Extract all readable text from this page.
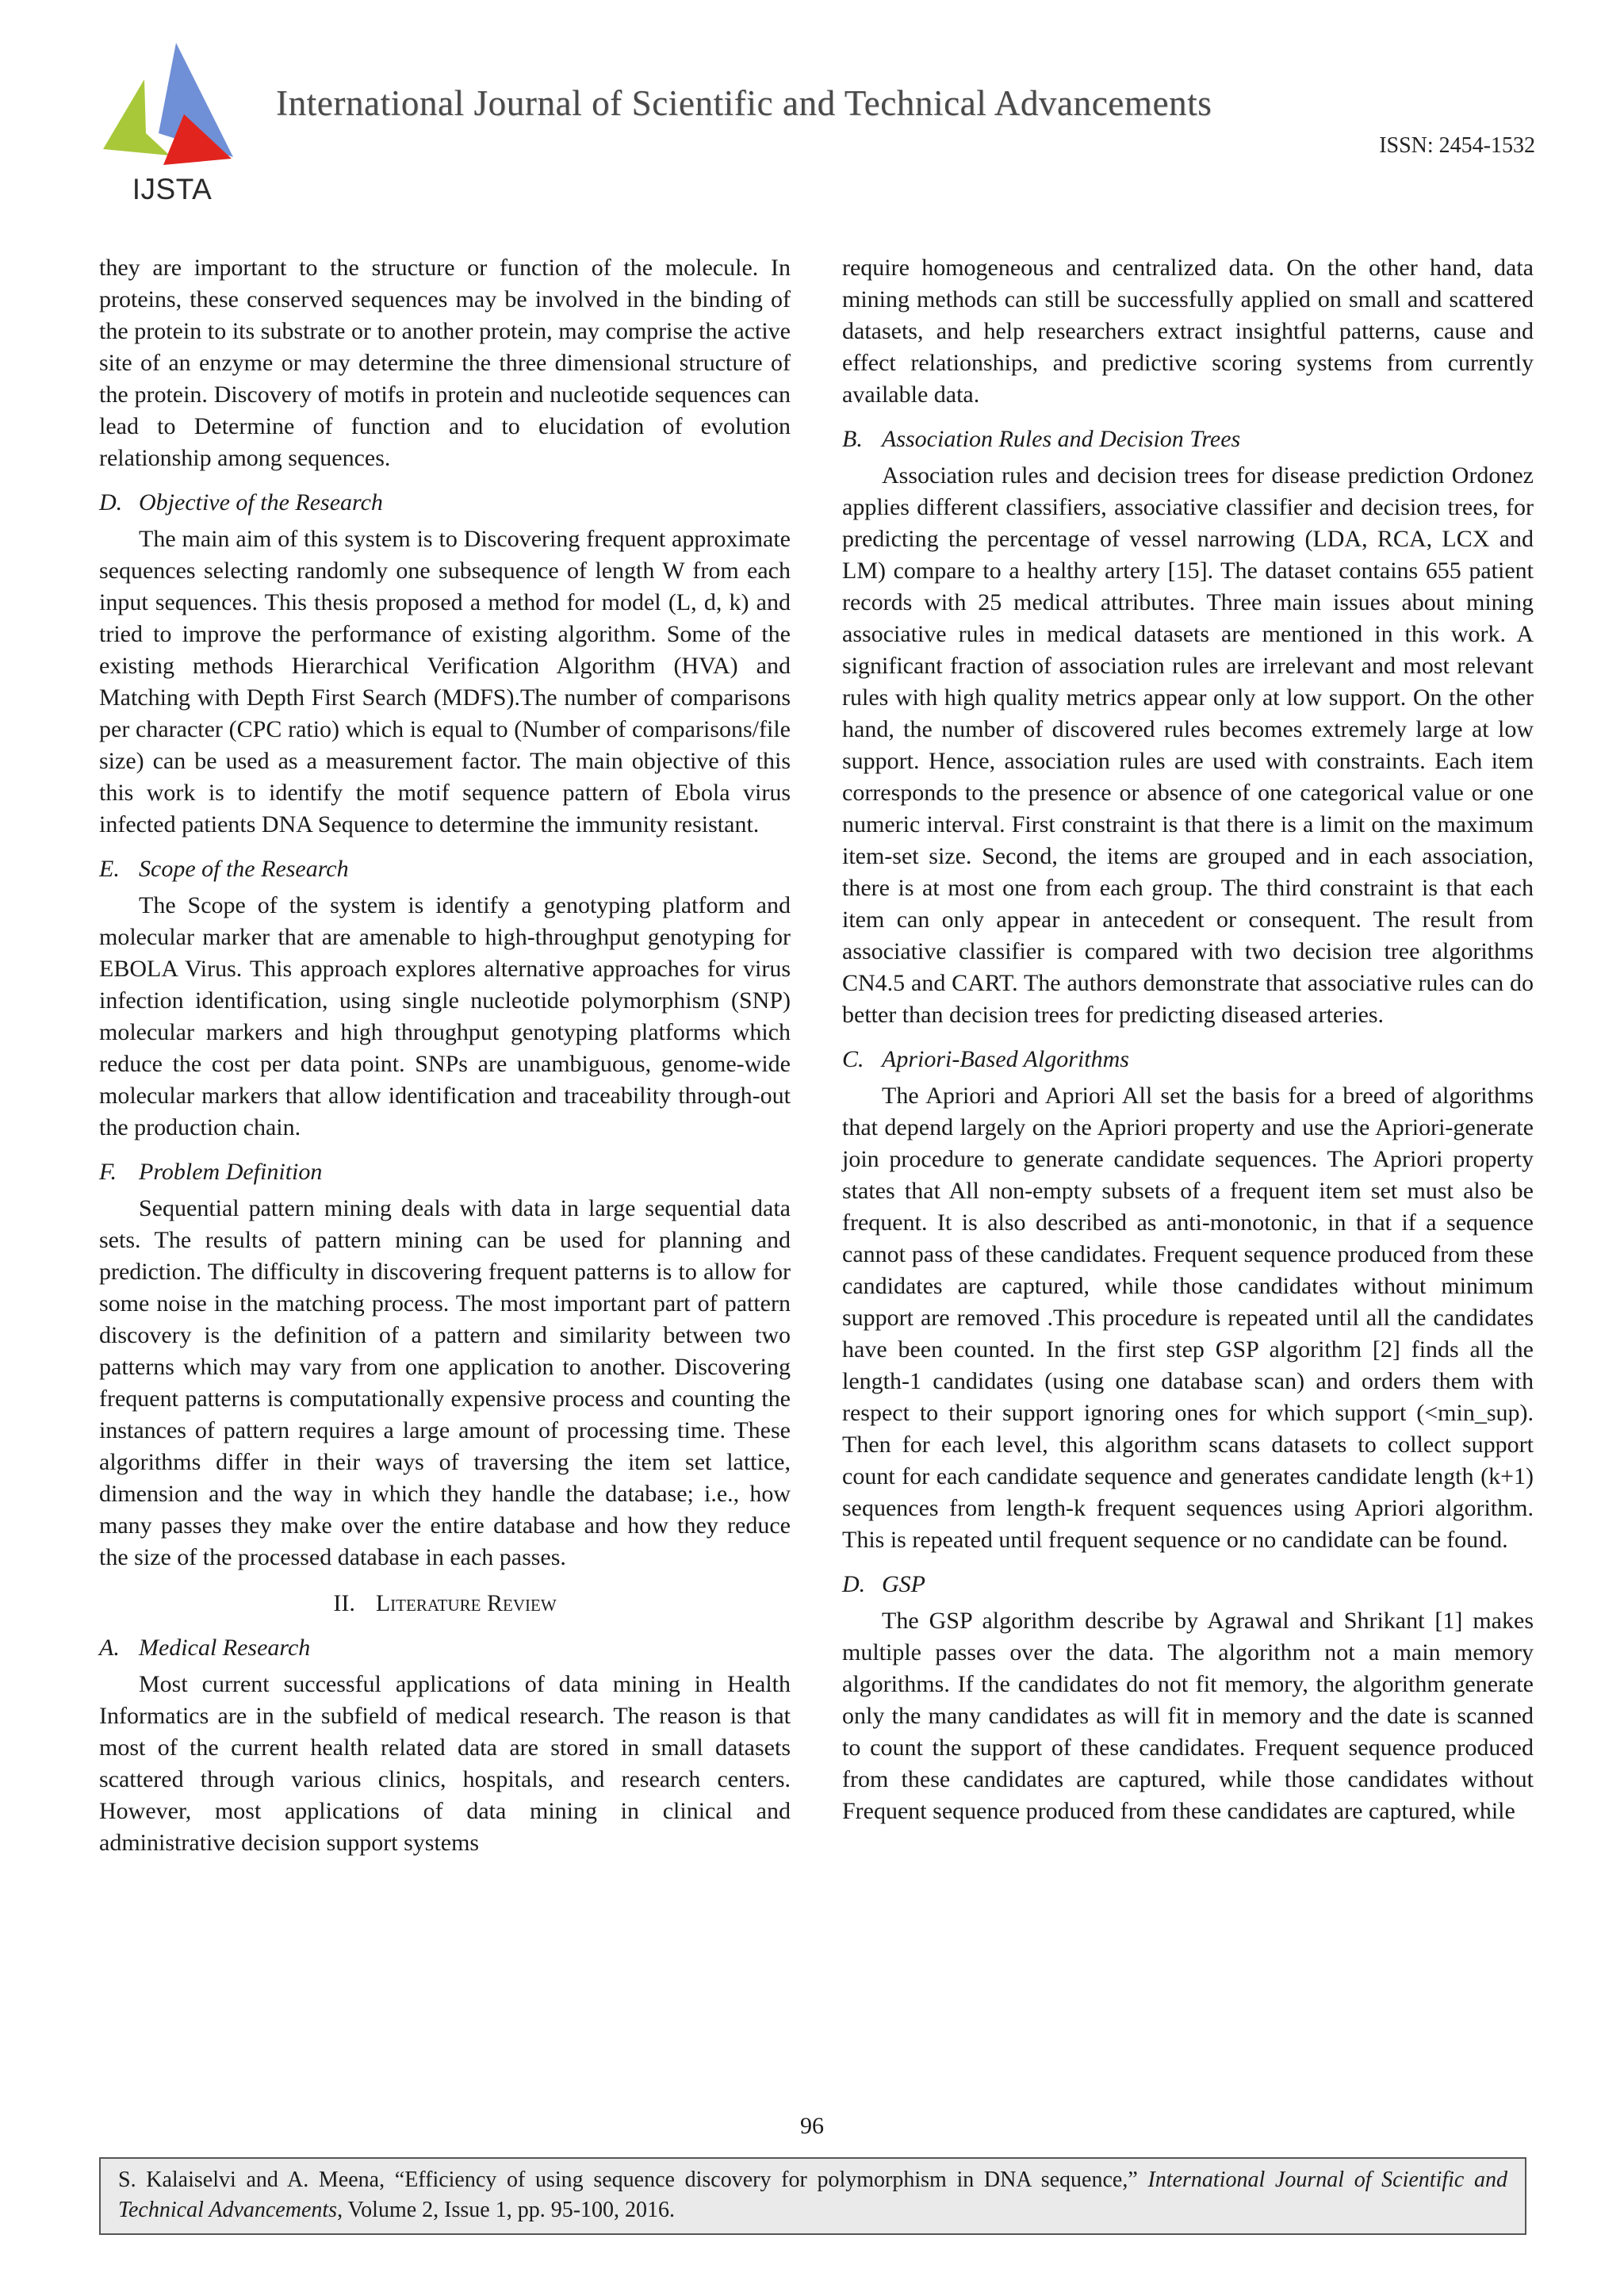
IJSTA
International Journal of Scientific and Technical Advancements
ISSN: 2454-1532

they are important to the structure or function of the molecule. In proteins, these conserved sequences may be involved in the binding of the protein to its substrate or to another protein, may comprise the active site of an enzyme or may determine the three dimensional structure of the protein. Discovery of motifs in protein and nucleotide sequences can lead to Determine of function and to elucidation of evolution relationship among sequences.

D. Objective of the Research

The main aim of this system is to Discovering frequent approximate sequences selecting randomly one subsequence of length W from each input sequences. This thesis proposed a method for model (L, d, k) and tried to improve the performance of existing algorithm. Some of the existing methods Hierarchical Verification Algorithm (HVA) and Matching with Depth First Search (MDFS).The number of comparisons per character (CPC ratio) which is equal to (Number of comparisons/file size) can be used as a measurement factor. The main objective of this this work is to identify the motif sequence pattern of Ebola virus infected patients DNA Sequence to determine the immunity resistant.

E. Scope of the Research

The Scope of the system is identify a genotyping platform and molecular marker that are amenable to high-throughput genotyping for EBOLA Virus. This approach explores alternative approaches for virus infection identification, using single nucleotide polymorphism (SNP) molecular markers and high throughput genotyping platforms which reduce the cost per data point. SNPs are unambiguous, genome-wide molecular markers that allow identification and traceability through-out the production chain.

F. Problem Definition

Sequential pattern mining deals with data in large sequential data sets. The results of pattern mining can be used for planning and prediction. The difficulty in discovering frequent patterns is to allow for some noise in the matching process. The most important part of pattern discovery is the definition of a pattern and similarity between two patterns which may vary from one application to another. Discovering frequent patterns is computationally expensive process and counting the instances of pattern requires a large amount of processing time. These algorithms differ in their ways of traversing the item set lattice, dimension and the way in which they handle the database; i.e., how many passes they make over the entire database and how they reduce the size of the processed database in each passes.

II. Literature Review
A. Medical Research

Most current successful applications of data mining in Health Informatics are in the subfield of medical research. The reason is that most of the current health related data are stored in small datasets scattered through various clinics, hospitals, and research centers. However, most applications of data mining in clinical and administrative decision support systems

require homogeneous and centralized data. On the other hand, data mining methods can still be successfully applied on small and scattered datasets, and help researchers extract insightful patterns, cause and effect relationships, and predictive scoring systems from currently available data.

B. Association Rules and Decision Trees

Association rules and decision trees for disease prediction Ordonez applies different classifiers, associative classifier and decision trees, for predicting the percentage of vessel narrowing (LDA, RCA, LCX and LM) compare to a healthy artery [15]. The dataset contains 655 patient records with 25 medical attributes. Three main issues about mining associative rules in medical datasets are mentioned in this work. A significant fraction of association rules are irrelevant and most relevant rules with high quality metrics appear only at low support. On the other hand, the number of discovered rules becomes extremely large at low support. Hence, association rules are used with constraints. Each item corresponds to the presence or absence of one categorical value or one numeric interval. First constraint is that there is a limit on the maximum item-set size. Second, the items are grouped and in each association, there is at most one from each group. The third constraint is that each item can only appear in antecedent or consequent. The result from associative classifier is compared with two decision tree algorithms CN4.5 and CART. The authors demonstrate that associative rules can do better than decision trees for predicting diseased arteries.

C. Apriori-Based Algorithms

The Apriori and Apriori All set the basis for a breed of algorithms that depend largely on the Apriori property and use the Apriori-generate join procedure to generate candidate sequences. The Apriori property states that All non-empty subsets of a frequent item set must also be frequent. It is also described as anti-monotonic, in that if a sequence cannot pass of these candidates. Frequent sequence produced from these candidates are captured, while those candidates without minimum support are removed .This procedure is repeated until all the candidates have been counted. In the first step GSP algorithm [2] finds all the length-1 candidates (using one database scan) and orders them with respect to their support ignoring ones for which support (<min_sup). Then for each level, this algorithm scans datasets to collect support count for each candidate sequence and generates candidate length (k+1) sequences from length-k frequent sequences using Apriori algorithm. This is repeated until frequent sequence or no candidate can be found.

D. GSP

The GSP algorithm describe by Agrawal and Shrikant [1] makes multiple passes over the data. The algorithm not a main memory algorithms. If the candidates do not fit memory, the algorithm generate only the many candidates as will fit in memory and the date is scanned to count the support of these candidates. Frequent sequence produced from these candidates are captured, while those candidates without Frequent sequence produced from these candidates are captured, while

96
S. Kalaiselvi and A. Meena, “Efficiency of using sequence discovery for polymorphism in DNA sequence,” International Journal of Scientific and Technical Advancements, Volume 2, Issue 1, pp. 95-100, 2016.
